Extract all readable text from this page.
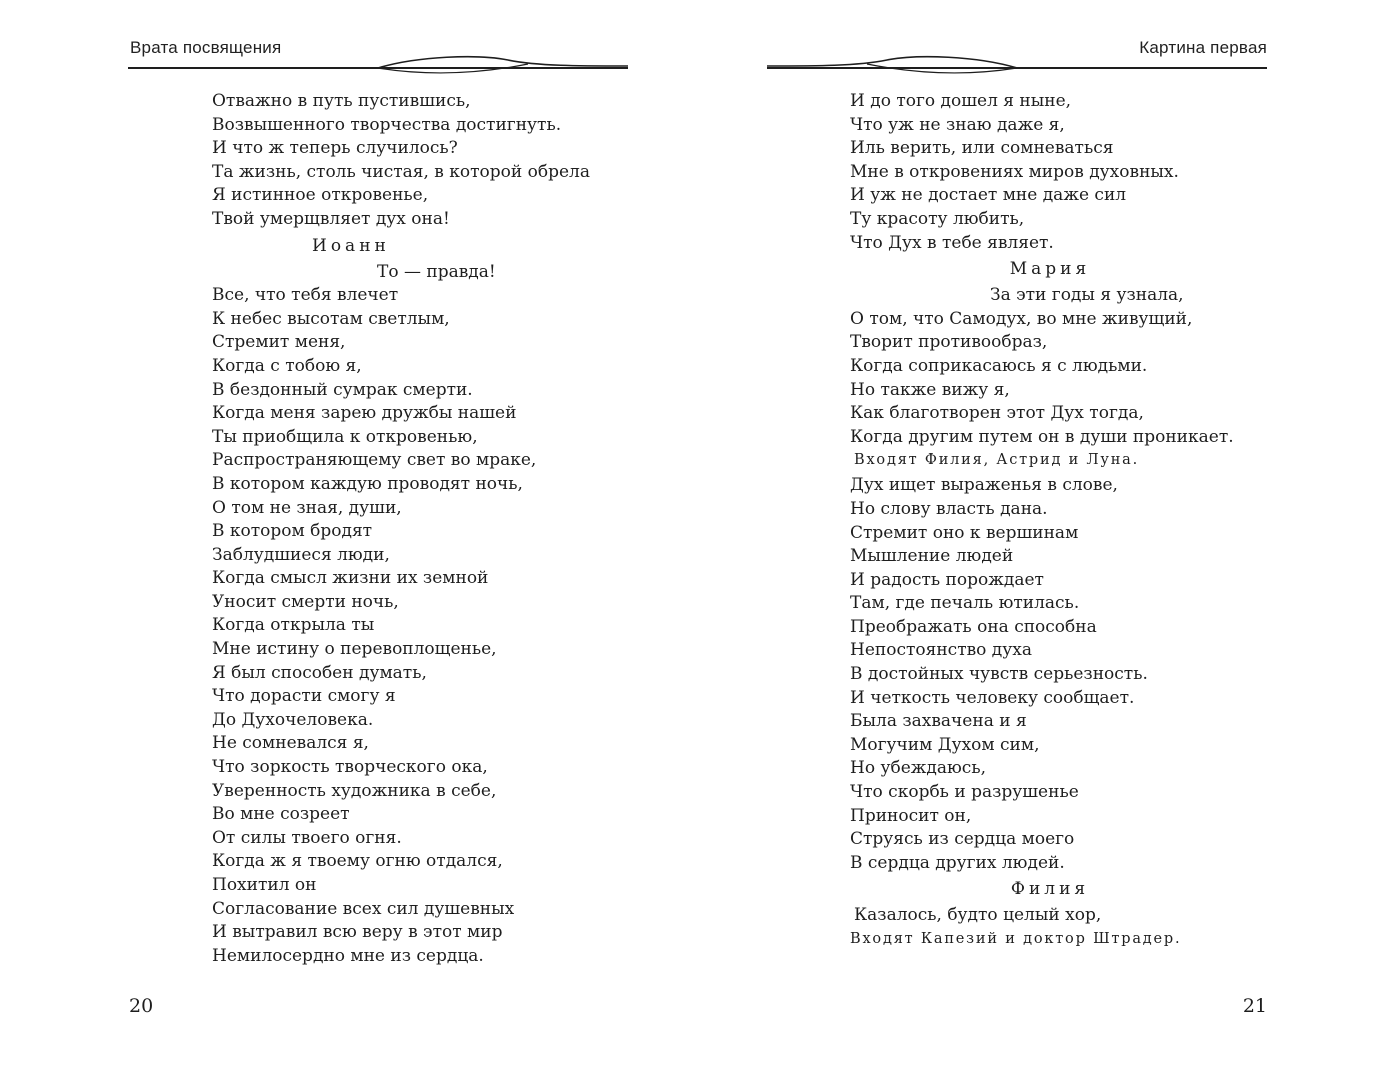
Врата посвящения
Отважно в путь пустившись,
Возвышенного творчества достигнуть.
И что ж теперь случилось?
Та жизнь, столь чистая, в которой обрела
Я истинное откровенье,
Твой умерщвляет дух она!
Иоанн
То — правда!
Все, что тебя влечет
К небес высотам светлым,
Стремит меня,
Когда с тобою я,
В бездонный сумрак смерти.
Когда меня зарею дружбы нашей
Ты приобщила к откровенью,
Распространяющему свет во мраке,
В котором каждую проводят ночь,
О том не зная, души,
В котором бродят
Заблудшиеся люди,
Когда смысл жизни их земной
Уносит смерти ночь,
Когда открыла ты
Мне истину о перевоплощенье,
Я был способен думать,
Что дорасти смогу я
До Духочеловека.
Не сомневался я,
Что зоркость творческого ока,
Уверенность художника в себе,
Во мне созреет
От силы твоего огня.
Когда ж я твоему огню отдался,
Похитил он
Согласование всех сил душевных
И вытравил всю веру в этот мир
Немилосердно мне из сердца.
20
Картина первая
И до того дошел я ныне,
Что уж не знаю даже я,
Иль верить, или сомневаться
Мне в откровениях миров духовных.
И уж не достает мне даже сил
Ту красоту любить,
Что Дух в тебе являет.
Мария
За эти годы я узнала,
О том, что Самодух, во мне живущий,
Творит противообраз,
Когда соприкасаюсь я с людьми.
Но также вижу я,
Как благотворен этот Дух тогда,
Когда другим путем он в души проникает.
Входят Филия, Астрид и Луна.
Дух ищет выраженья в слове,
Но слову власть дана.
Стремит оно к вершинам
Мышление людей
И радость порождает
Там, где печаль ютилась.
Преображать она способна
Непостоянство духа
В достойных чувств серьезность.
И четкость человеку сообщает.
Была захвачена и я
Могучим Духом сим,
Но убеждаюсь,
Что скорбь и разрушенье
Приносит он,
Струясь из сердца моего
В сердца других людей.
Филия
Казалось, будто целый хор,
Входят Капезий и доктор Штрадер.
21
